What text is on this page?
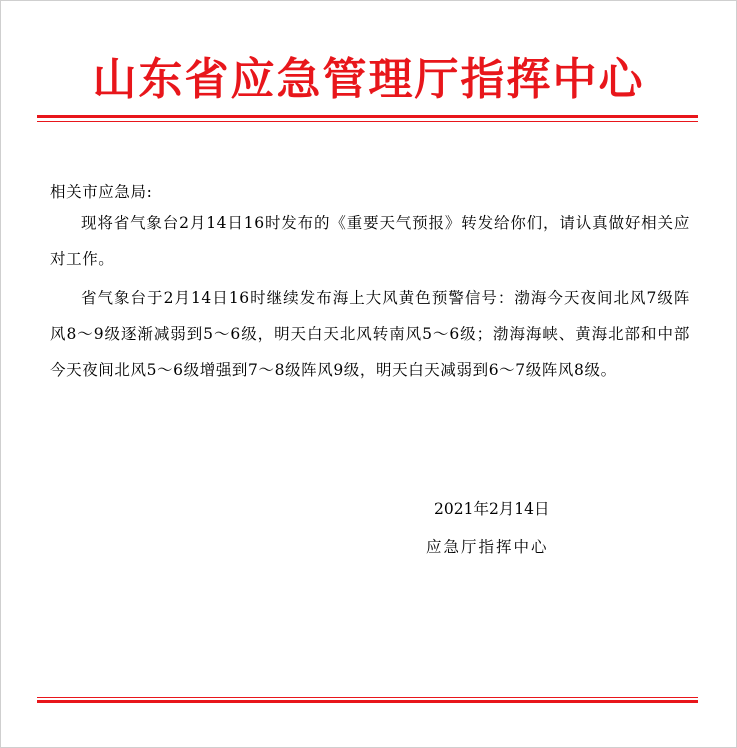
山东省应急管理厅指挥中心
相关市应急局:

现将省气象台2月14日16时发布的《重要天气预报》转发给你们，请认真做好相关应对工作。

省气象台于2月14日16时继续发布海上大风黄色预警信号：渤海今天夜间北风7级阵风8～9级逐渐减弱到5～6级，明天白天北风转南风5～6级；渤海海峡、黄海北部和中部今天夜间北风5～6级增强到7～8级阵风9级，明天白天减弱到6～7级阵风8级。

2021年2月14日
应急厅指挥中心
